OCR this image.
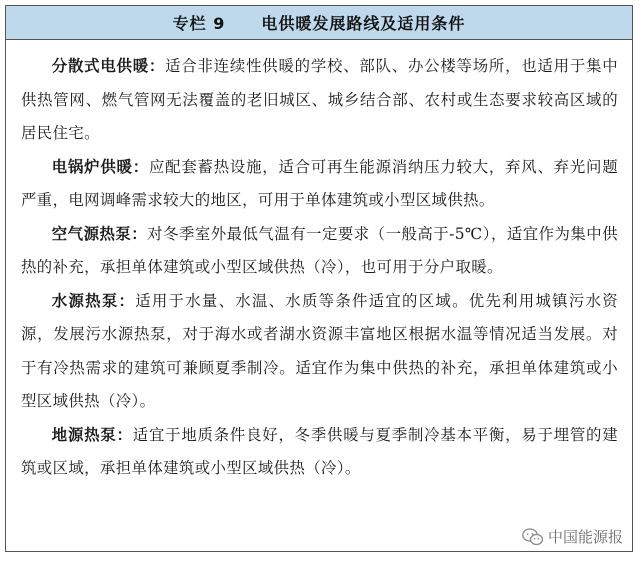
专栏 9 电供暖发展路线及适用条件

分散式电供暖：适合非连续性供暖的学校、部队、办公楼等场所，也适用于集中供热管网、燃气管网无法覆盖的老旧城区、城乡结合部、农村或生态要求较高区域的居民住宅。

电锅炉供暖：应配套蓄热设施，适合可再生能源消纳压力较大，弃风、弃光问题严重，电网调峰需求较大的地区，可用于单体建筑或小型区域供热。

空气源热泵：对冬季室外最低气温有一定要求（一般高于-5℃），适宜作为集中供热的补充，承担单体建筑或小型区域供热（冷），也可用于分户取暖。

水源热泵：适用于水量、水温、水质等条件适宜的区域。优先利用城镇污水资源，发展污水源热泵，对于海水或者湖水资源丰富地区根据水温等情况适当发展。对于有冷热需求的建筑可兼顾夏季制冷。适宜作为集中供热的补充，承担单体建筑或小型区域供热（冷）。

地源热泵：适宜于地质条件良好，冬季供暖与夏季制冷基本平衡，易于埋管的建筑或区域，承担单体建筑或小型区域供热（冷）。

中国能源报
